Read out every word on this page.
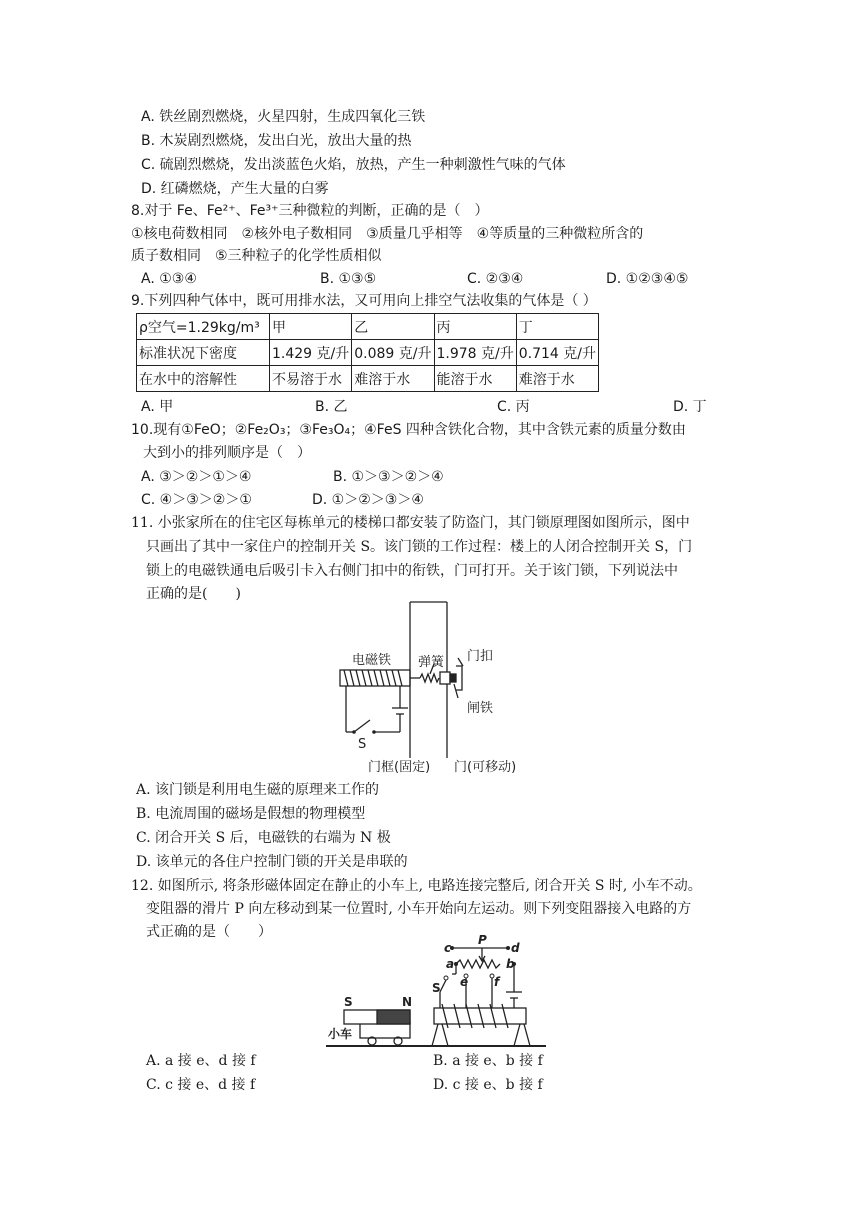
A. 铁丝剧烈燃烧，火星四射，生成四氧化三铁
B. 木炭剧烈燃烧，发出白光，放出大量的热
C. 硫剧烈燃烧，发出淡蓝色火焰，放热，产生一种刺激性气味的气体
D. 红磷燃烧，产生大量的白雾
8.对于 Fe、Fe²⁺、Fe³⁺三种微粒的判断，正确的是（　）
①核电荷数相同　②核外电子数相同　③质量几乎相等　④等质量的三种微粒所含的
质子数相同　⑤三种粒子的化学性质相似
A. ①③④	B. ①③⑤	C. ②③④	D. ①②③④⑤
9.下列四种气体中，既可用排水法，又可用向上排空气法收集的气体是（ ）
ρ空气=1.29kg/m³	甲	乙	丙	丁
标准状况下密度	1.429 克/升	0.089 克/升	1.978 克/升	0.714 克/升
在水中的溶解性	不易溶于水	难溶于水	能溶于水	难溶于水
A. 甲	B. 乙	C. 丙	D. 丁
10.现有①FeO；②Fe₂O₃；③Fe₃O₄；④FeS 四种含铁化合物，其中含铁元素的质量分数由
大到小的排列顺序是（　）
A. ③＞②＞①＞④	B. ①＞③＞②＞④
C. ④＞③＞②＞①	D. ①＞②＞③＞④
11. 小张家所在的住宅区每栋单元的楼梯口都安装了防盗门，其门锁原理图如图所示，图中
只画出了其中一家住户的控制开关 S。该门锁的工作过程：楼上的人闭合控制开关 S，门
锁上的电磁铁通电后吸引卡入右侧门扣中的衔铁，门可打开。关于该门锁，下列说法中
正确的是(　　)
电磁铁 弹簧 门扣
闸铁
S
门框(固定) 门(可移动)
A. 该门锁是利用电生磁的原理来工作的
B. 电流周围的磁场是假想的物理模型
C. 闭合开关 S 后，电磁铁的右端为 N 极
D. 该单元的各住户控制门锁的开关是串联的
12. 如图所示, 将条形磁体固定在静止的小车上, 电路连接完整后, 闭合开关 S 时, 小车不动。
变阻器的滑片 P 向左移动到某一位置时, 小车开始向左运动。则下列变阻器接入电路的方
式正确的是（　　）
S	N
小车
c
P
d
a	b
e f
S
A. a 接 e、d 接 f	B. a 接 e、b 接 f
C. c 接 e、d 接 f	D. c 接 e、b 接 f
